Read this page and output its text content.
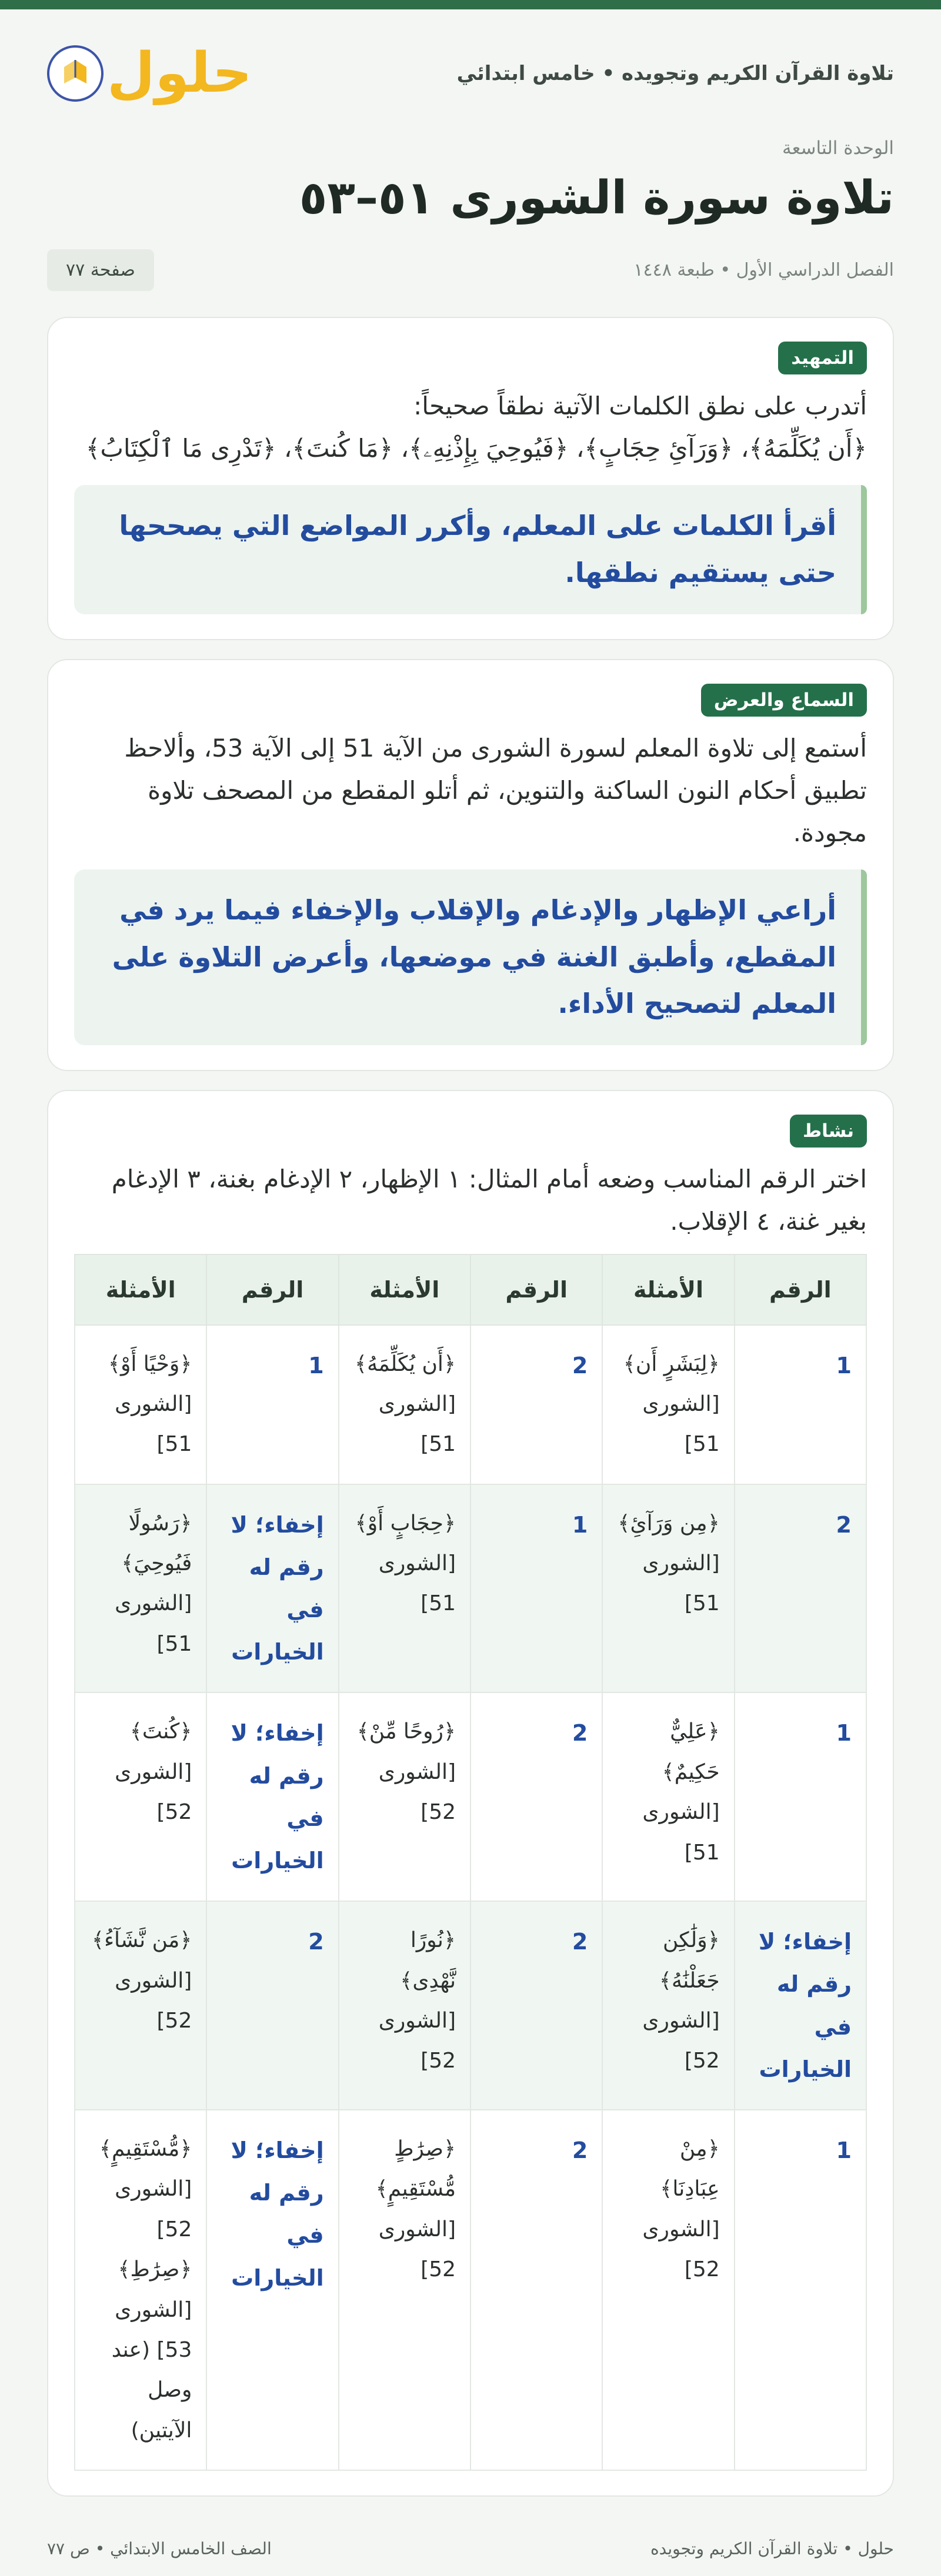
تلاوة القرآن الكريم وتجويده • خامس ابتدائي
حلول
الوحدة التاسعة
تلاوة سورة الشورى ٥١–٥٣
الفصل الدراسي الأول • طبعة ١٤٤٨
صفحة ٧٧
التمهيد

أتدرب على نطق الكلمات الآتية نطقاً صحيحاً:

﴿أَن يُكَلِّمَهُ﴾، ﴿وَرَآئِ حِجَابٍ﴾، ﴿فَيُوحِيَ بِإِذْنِهِۦ﴾، ﴿مَا كُنتَ﴾، ﴿تَدْرِى مَا ٱلْكِتَابُ﴾

أقرأ الكلمات على المعلم، وأكرر المواضع التي يصححها حتى يستقيم نطقها.

السماع والعرض

أستمع إلى تلاوة المعلم لسورة الشورى من الآية 51 إلى الآية 53، وألاحظ تطبيق أحكام النون الساكنة والتنوين، ثم أتلو المقطع من المصحف تلاوة مجودة.

أراعي الإظهار والإدغام والإقلاب والإخفاء فيما يرد في المقطع، وأطبق الغنة في موضعها، وأعرض التلاوة على المعلم لتصحيح الأداء.

نشاط

اختر الرقم المناسب وضعه أمام المثال: ١ الإظهار، ٢ الإدغام بغنة، ٣ الإدغام بغير غنة، ٤ الإقلاب.

الرقم	الأمثلة	الرقم	الأمثلة	الرقم	الأمثلة
1	﴿لِبَشَرٍ أَن﴾ [الشورى 51]	2	﴿أَن يُكَلِّمَهُ﴾ [الشورى 51]	1	﴿وَحْيًا أَوْ﴾ [الشورى 51]
2	﴿مِن وَرَآئِ﴾ [الشورى 51]	1	﴿حِجَابٍ أَوْ﴾ [الشورى 51]	إخفاء؛ لا رقم له في الخيارات	﴿رَسُولًا فَيُوحِيَ﴾ [الشورى 51]
1	﴿عَلِيٌّ حَكِيمٌ﴾ [الشورى 51]	2	﴿رُوحًا مِّنْ﴾ [الشورى 52]	إخفاء؛ لا رقم له في الخيارات	﴿كُنتَ﴾ [الشورى 52]
إخفاء؛ لا رقم له في الخيارات	﴿وَلَٰكِن جَعَلْنَٰهُ﴾ [الشورى 52]	2	﴿نُورًا نَّهْدِى﴾ [الشورى 52]	2	﴿مَن نَّشَآءُ﴾ [الشورى 52]
1	﴿مِنْ عِبَادِنَا﴾ [الشورى 52]	2	﴿صِرَٰطٍ مُّسْتَقِيمٍ﴾ [الشورى 52]	إخفاء؛ لا رقم له في الخيارات	﴿مُّسْتَقِيمٍ﴾ [الشورى 52] ﴿صِرَٰطِ﴾ [الشورى 53] (عند وصل الآيتين)
حلول • تلاوة القرآن الكريم وتجويده
الصف الخامس الابتدائي • ص ٧٧
